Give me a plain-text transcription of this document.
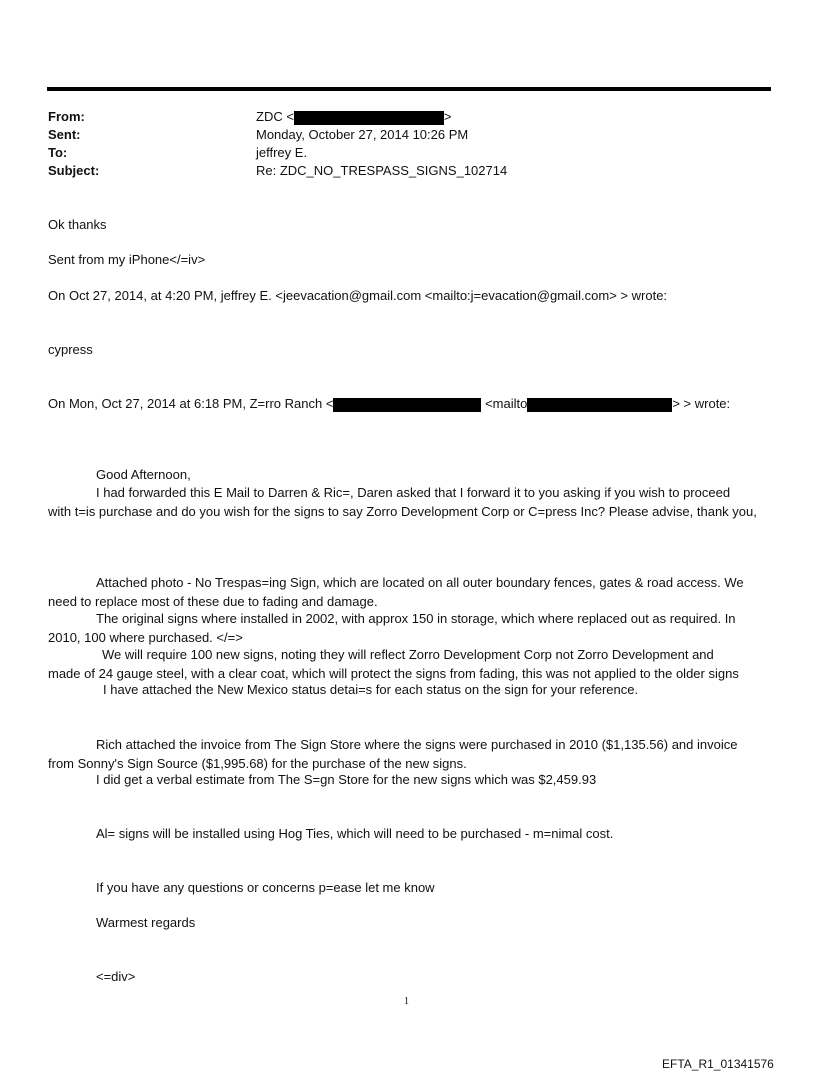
From:	ZDC <	>
Sent:	Monday, October 27, 2014 10:26 PM
To:	jeffrey E.
Subject:	Re: ZDC_NO_TRESPASS_SIGNS_102714
Ok thanks
Sent from my iPhone</=iv>
On Oct 27, 2014, at 4:20 PM, jeffrey E. <jeevacation@gmail.com <mailto:j=evacation@gmail.com> > wrote:
cypress
On Mon, Oct 27, 2014 at 6:18 PM, Z=rro Ranch <	<mailto	> > wrote:
Good Afternoon,
I had forwarded this E Mail to Darren & Ric=, Daren asked that I forward it to you asking if you wish to proceed
with t=is purchase and do you wish for the signs to say Zorro Development Corp or C=press Inc? Please advise, thank you,
Attached photo - No Trespas=ing Sign, which are located on all outer boundary fences, gates & road access. We
need to replace most of these due to fading and damage.
The original signs where installed in 2002, with approx 150 in storage, which where replaced out as required. In
2010, 100 where purchased. </=>
We will require 100 new signs, noting they will reflect Zorro Development Corp not Zorro Development and
made of 24 gauge steel, with a clear coat, which will protect the signs from fading, this was not applied to the older signs
I have attached the New Mexico status detai=s for each status on the sign for your reference.
Rich attached the invoice from The Sign Store where the signs were purchased in 2010 ($1,135.56) and invoice
from Sonny's Sign Source ($1,995.68) for the purchase of the new signs.
I did get a verbal estimate from The S=gn Store for the new signs which was $2,459.93
Al= signs will be installed using Hog Ties, which will need to be purchased - m=nimal cost.
If you have any questions or concerns p=ease let me know
Warmest regards
<=div>
1
EFTA_R1_01341576
